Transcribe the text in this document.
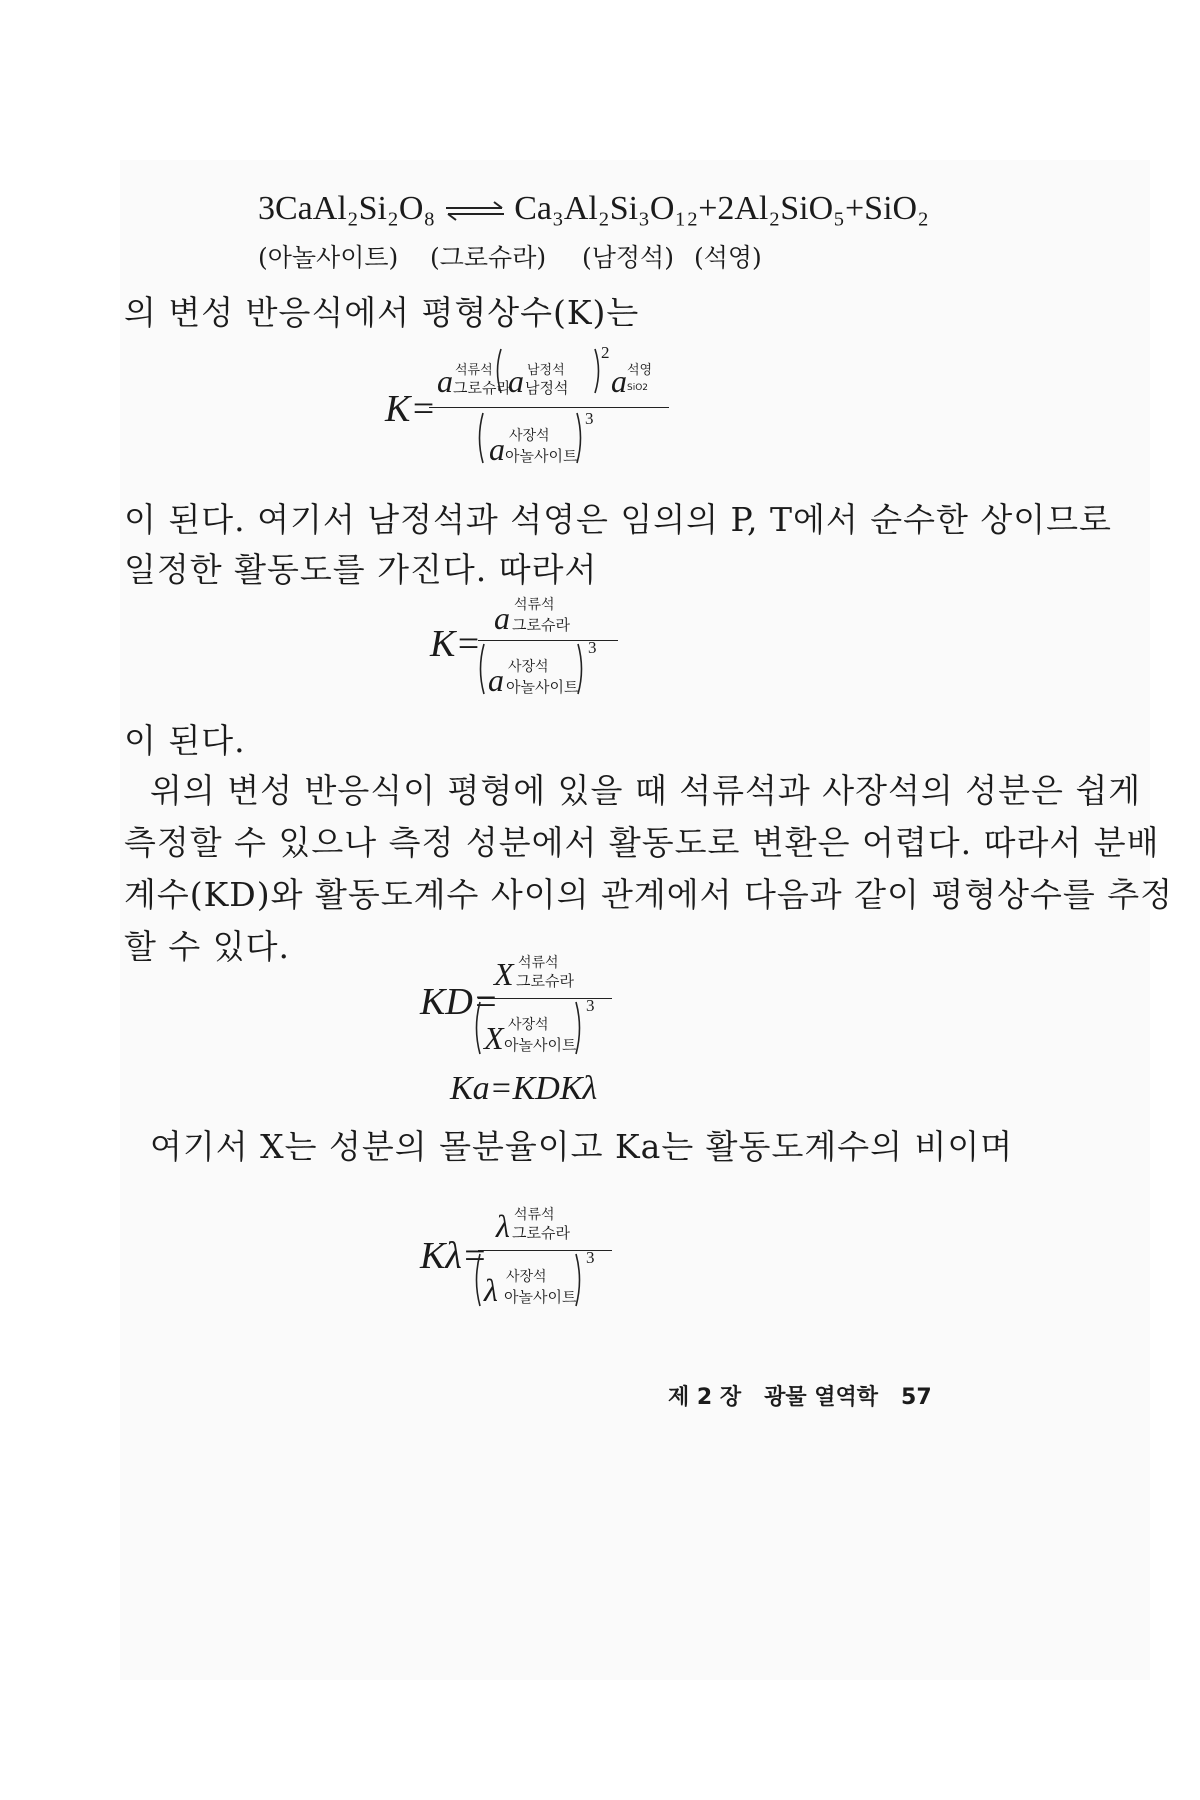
3CaAl₂Si₂O₈ ⇌ Ca₃Al₂Si₃O₁₂+2Al₂SiO₅+SiO₂
(아놀사이트) (그로슈라) (남정석) (석영)
의 변성 반응식에서 평형상수(K)는
K=
a 석류석
그로슈라
a 남정석
남정석
2
a 석영
SiO2
a 사장석
아놀사이트
3
이 된다. 여기서 남정석과 석영은 임의의 P, T에서 순수한 상이므로
일정한 활동도를 가진다. 따라서
K=
a 석류석
그로슈라
a 사장석
아놀사이트
3
이 된다.
위의 변성 반응식이 평형에 있을 때 석류석과 사장석의 성분은 쉽게
측정할 수 있으나 측정 성분에서 활동도로 변환은 어렵다. 따라서 분배
계수(KD)와 활동도계수 사이의 관계에서 다음과 같이 평형상수를 추정
할 수 있다.
KD=
X 석류석
그로슈라
X 사장석
아놀사이트
3
Ka=KDKλ
여기서 X는 성분의 몰분율이고 Ka는 활동도계수의 비이며
Kλ=
λ 석류석
그로슈라
λ 사장석
아놀사이트
3
제 2 장 광물 열역학 57
